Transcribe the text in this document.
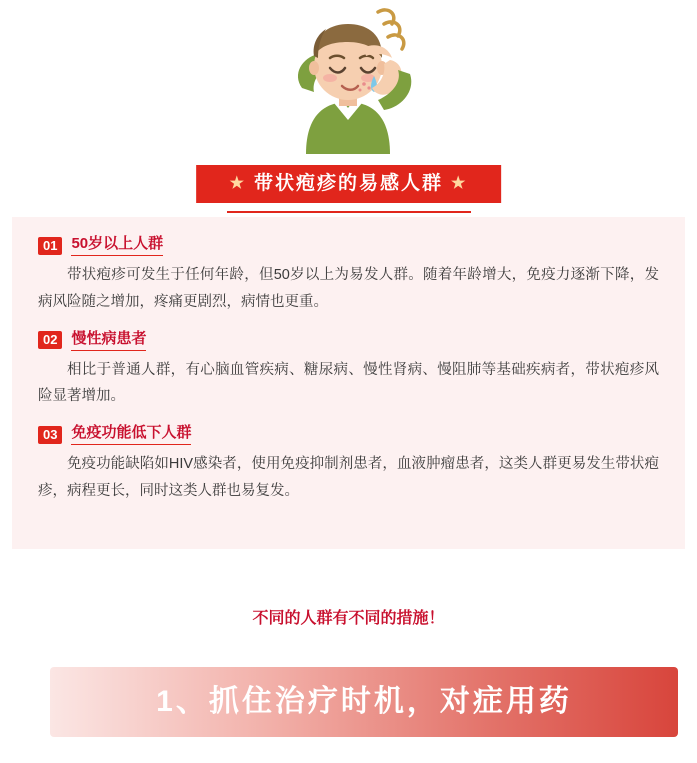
★ 带状疱疹的易感人群 ★
01 50岁以上人群

带状疱疹可发生于任何年龄，但50岁以上为易发人群。随着年龄增大，免疫力逐渐下降，发病风险随之增加，疼痛更剧烈，病情也更重。

02 慢性病患者

相比于普通人群，有心脑血管疾病、糖尿病、慢性肾病、慢阻肺等基础疾病者，带状疱疹风险显著增加。

03 免疫功能低下人群

免疫功能缺陷如HIV感染者，使用免疫抑制剂患者，血液肿瘤患者，这类人群更易发生带状疱疹，病程更长，同时这类人群也易复发。

不同的人群有不同的措施！
1、抓住治疗时机，对症用药
